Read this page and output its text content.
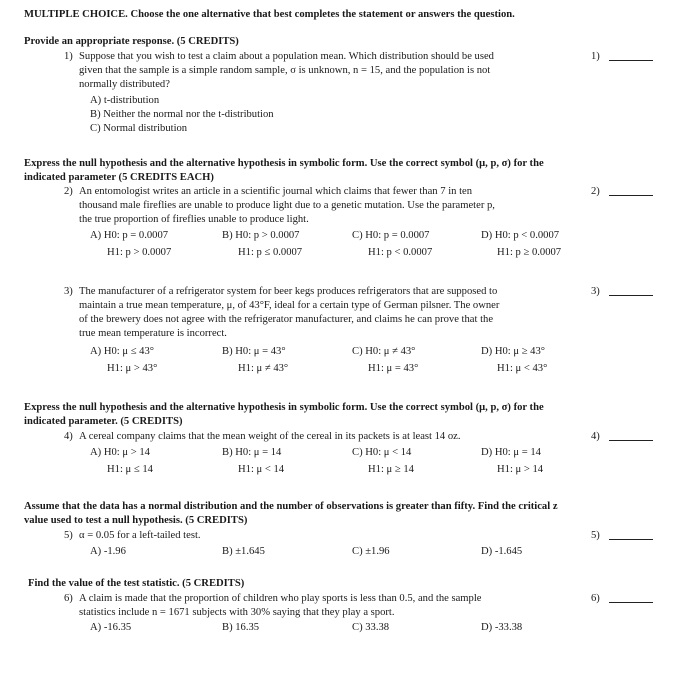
MULTIPLE CHOICE. Choose the one alternative that best completes the statement or answers the question.
Provide an appropriate response. (5 CREDITS)
1) Suppose that you wish to test a claim about a population mean. Which distribution should be used
given that the sample is a simple random sample, σ is unknown, n = 15, and the population is not
normally distributed?
1)
A) t-distribution
B) Neither the normal nor the t-distribution
C) Normal distribution
Express the null hypothesis and the alternative hypothesis in symbolic form. Use the correct symbol (μ, p, σ) for the
indicated parameter (5 CREDITS EACH)
2) An entomologist writes an article in a scientific journal which claims that fewer than 7 in ten
thousand male fireflies are unable to produce light due to a genetic mutation. Use the parameter p,
the true proportion of fireflies unable to produce light.
2)
A) H0: p = 0.0007
H1: p > 0.0007
B) H0: p > 0.0007
H1: p ≤ 0.0007
C) H0: p = 0.0007
H1: p < 0.0007
D) H0: p < 0.0007
H1: p ≥ 0.0007
3) The manufacturer of a refrigerator system for beer kegs produces refrigerators that are supposed to
maintain a true mean temperature, μ, of 43°F, ideal for a certain type of German pilsner. The owner
of the brewery does not agree with the refrigerator manufacturer, and claims he can prove that the
true mean temperature is incorrect.
3)
A) H0: μ ≤ 43°
H1: μ > 43°
B) H0: μ = 43°
H1: μ ≠ 43°
C) H0: μ ≠ 43°
H1: μ = 43°
D) H0: μ ≥ 43°
H1: μ < 43°
Express the null hypothesis and the alternative hypothesis in symbolic form. Use the correct symbol (μ, p, σ) for the
indicated parameter. (5 CREDITS)
4) A cereal company claims that the mean weight of the cereal in its packets is at least 14 oz.	4)
A) H0: μ > 14
H1: μ ≤ 14
B) H0: μ = 14
H1: μ < 14
C) H0: μ < 14
H1: μ ≥ 14
D) H0: μ = 14
H1: μ > 14
Assume that the data has a normal distribution and the number of observations is greater than fifty. Find the critical z
value used to test a null hypothesis. (5 CREDITS)
5) α = 0.05 for a left-tailed test.	5)
A) -1.96	B) ±1.645	C) ±1.96	D) -1.645
Find the value of the test statistic. (5 CREDITS)
6) A claim is made that the proportion of children who play sports is less than 0.5, and the sample
statistics include n = 1671 subjects with 30% saying that they play a sport.
6)
A) -16.35	B) 16.35	C) 33.38	D) -33.38
